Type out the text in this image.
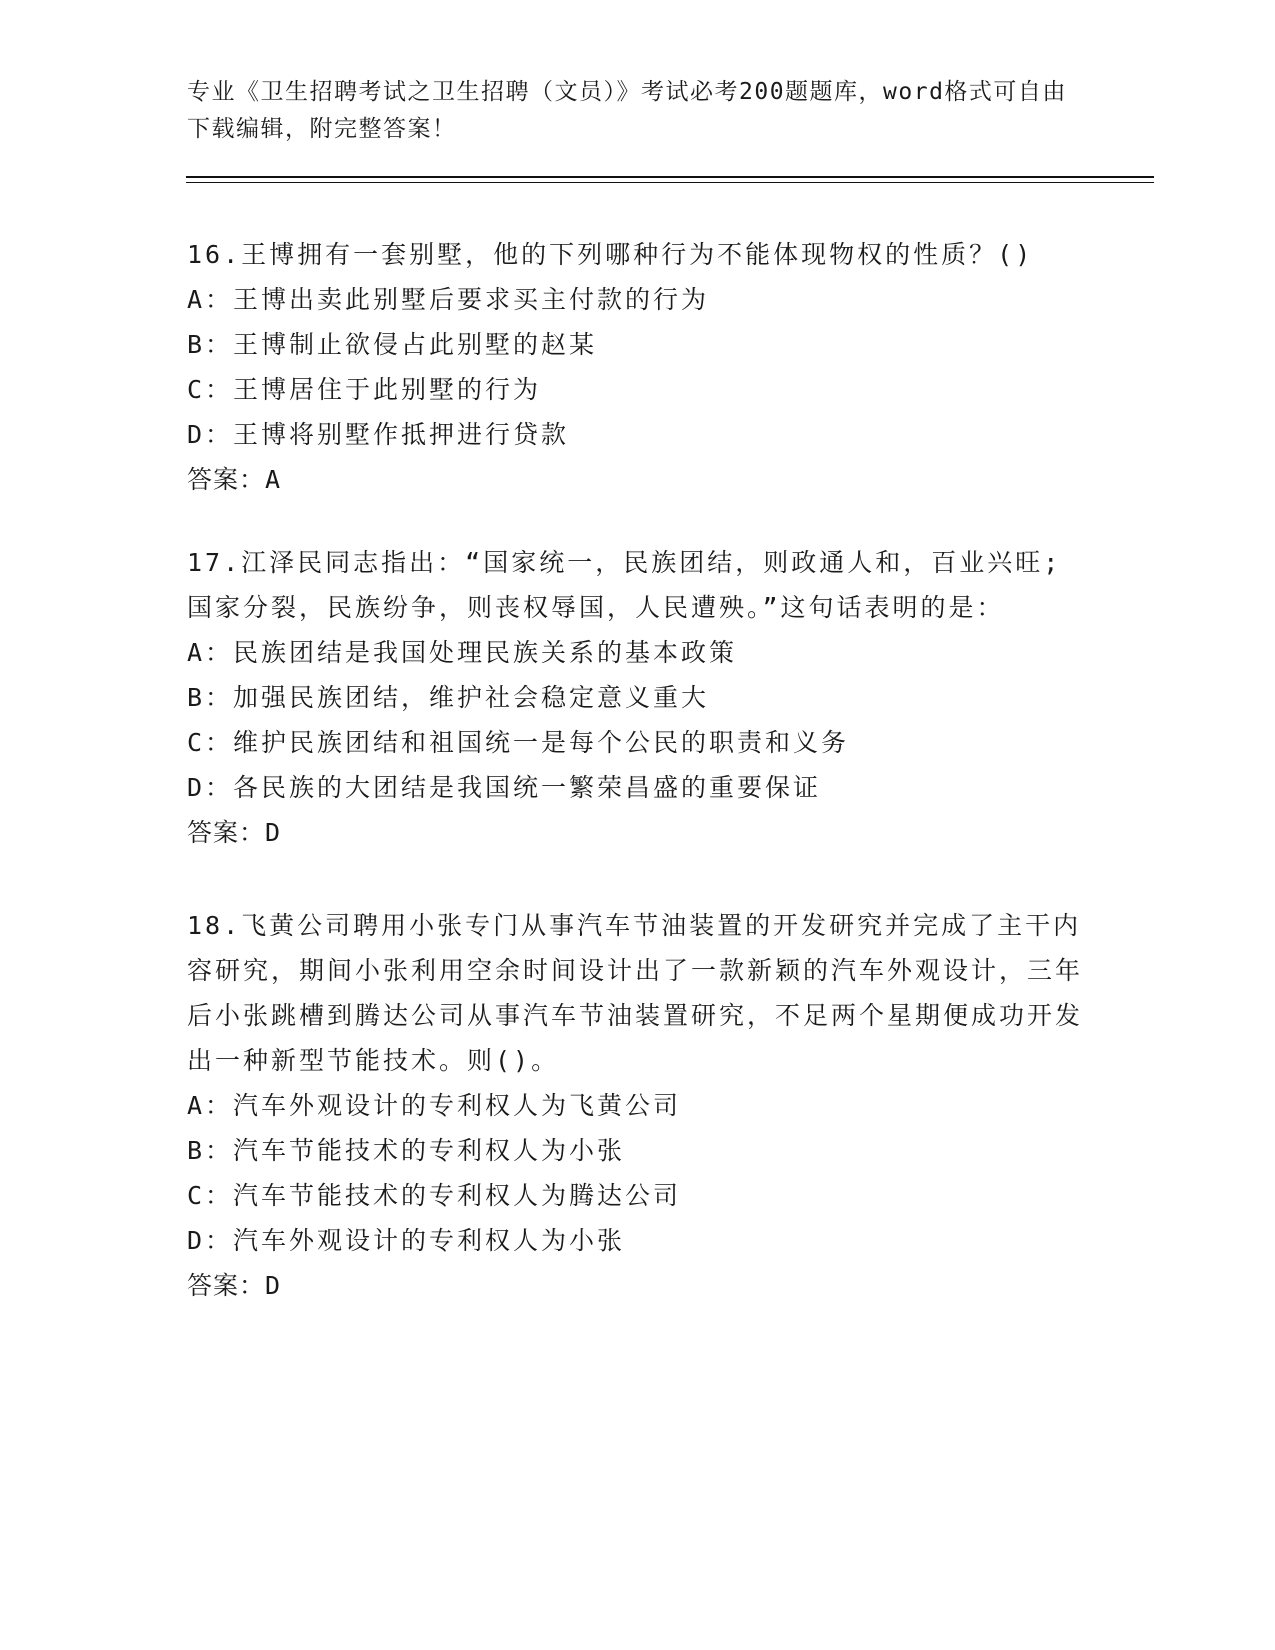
专业《卫生招聘考试之卫生招聘（文员）》考试必考200题题库，word格式可自由下载编辑，附完整答案！
16.王博拥有一套别墅，他的下列哪种行为不能体现物权的性质？()
A：王博出卖此别墅后要求买主付款的行为
B：王博制止欲侵占此别墅的赵某
C：王博居住于此别墅的行为
D：王博将别墅作抵押进行贷款
答案：A
17.江泽民同志指出：“国家统一，民族团结，则政通人和，百业兴旺;国家分裂，民族纷争，则丧权辱国，人民遭殃。”这句话表明的是：
A：民族团结是我国处理民族关系的基本政策
B：加强民族团结，维护社会稳定意义重大
C：维护民族团结和祖国统一是每个公民的职责和义务
D：各民族的大团结是我国统一繁荣昌盛的重要保证
答案：D
18.飞黄公司聘用小张专门从事汽车节油装置的开发研究并完成了主干内容研究，期间小张利用空余时间设计出了一款新颖的汽车外观设计，三年后小张跳槽到腾达公司从事汽车节油装置研究，不足两个星期便成功开发出一种新型节能技术。则()。
A：汽车外观设计的专利权人为飞黄公司
B：汽车节能技术的专利权人为小张
C：汽车节能技术的专利权人为腾达公司
D：汽车外观设计的专利权人为小张
答案：D
